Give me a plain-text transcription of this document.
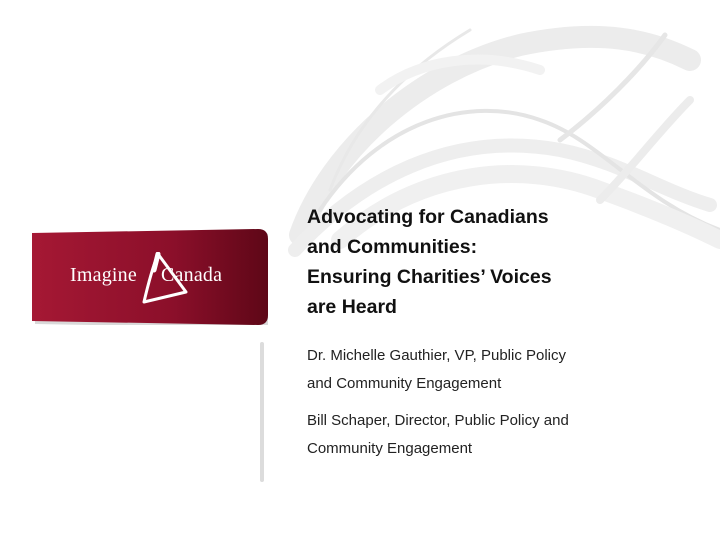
Imagine Canada
Advocating for Canadians
and Communities:
Ensuring Charities’ Voices
are Heard
Dr. Michelle Gauthier, VP, Public Policy
and Community Engagement
Bill Schaper, Director, Public Policy and
Community Engagement
